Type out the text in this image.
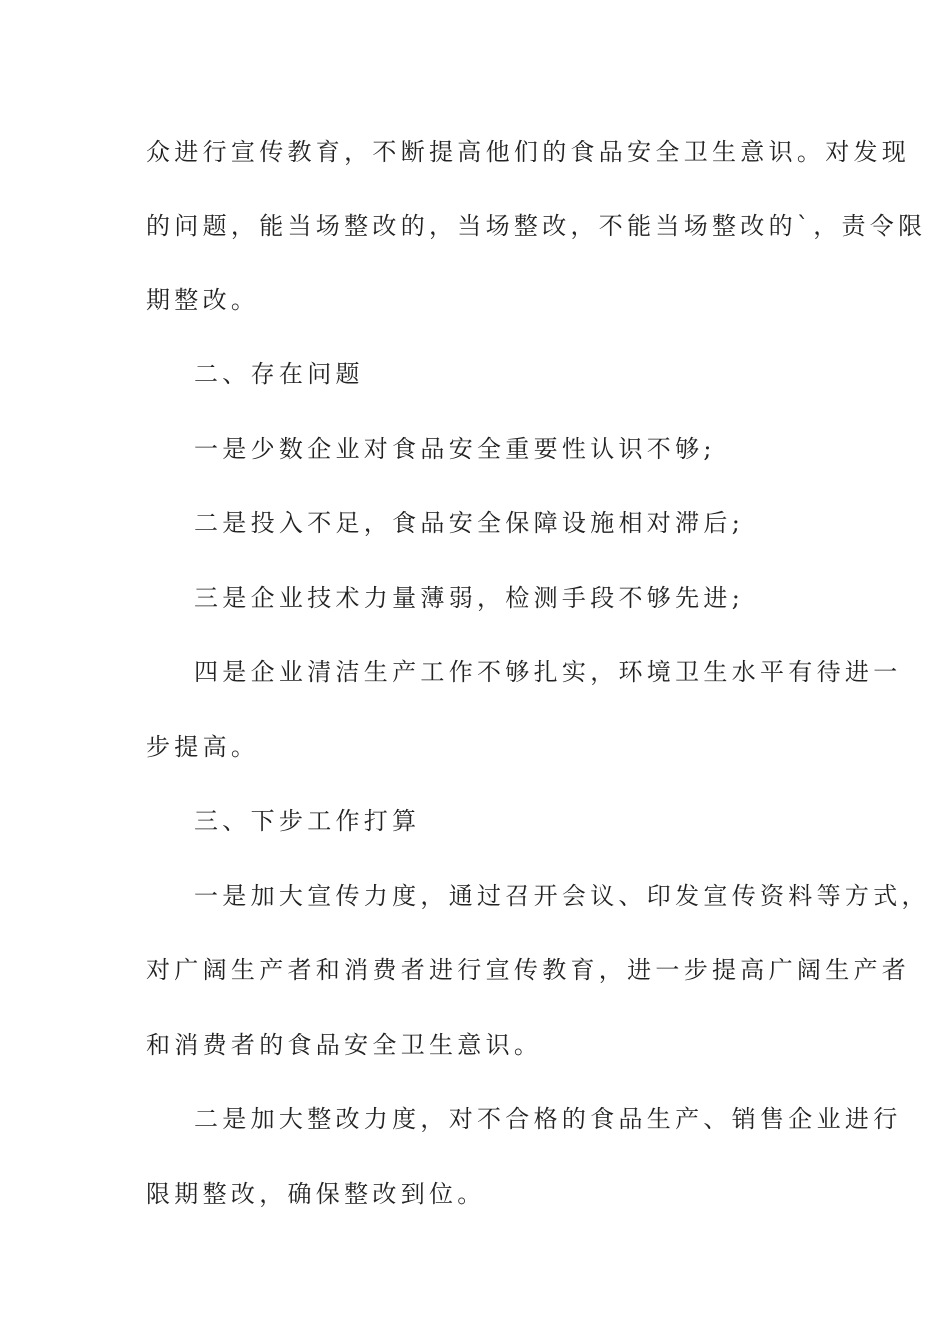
众进行宣传教育，不断提高他们的食品安全卫生意识。对发现
的问题，能当场整改的，当场整改，不能当场整改的`，责令限
期整改。
二、存在问题
一是少数企业对食品安全重要性认识不够;
二是投入不足，食品安全保障设施相对滞后;
三是企业技术力量薄弱，检测手段不够先进;
四是企业清洁生产工作不够扎实，环境卫生水平有待进一
步提高。
三、下步工作打算
一是加大宣传力度，通过召开会议、印发宣传资料等方式，
对广阔生产者和消费者进行宣传教育，进一步提高广阔生产者
和消费者的食品安全卫生意识。
二是加大整改力度，对不合格的食品生产、销售企业进行
限期整改，确保整改到位。
